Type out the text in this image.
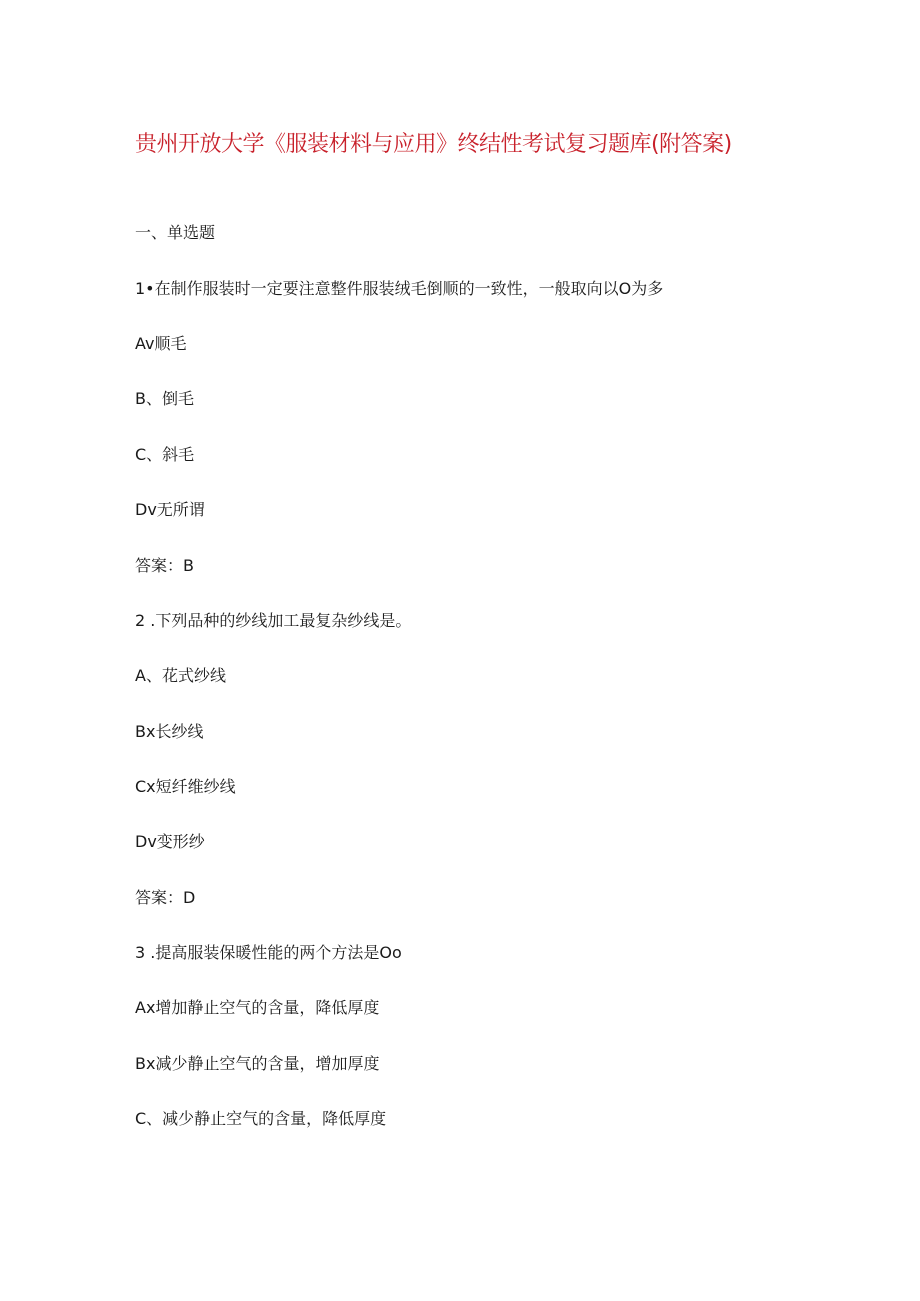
贵州开放大学《服装材料与应用》终结性考试复习题库(附答案)
一、单选题
1•在制作服装时一定要注意整件服装绒毛倒顺的一致性，一般取向以O为多
Av顺毛
B、倒毛
C、斜毛
Dv无所谓
答案：B
2 .下列品种的纱线加工最复杂纱线是。
A、花式纱线
Bx长纱线
Cx短纤维纱线
Dv变形纱
答案：D
3 .提高服装保暖性能的两个方法是Oo
Ax增加静止空气的含量，降低厚度
Bx减少静止空气的含量，增加厚度
C、减少静止空气的含量，降低厚度
